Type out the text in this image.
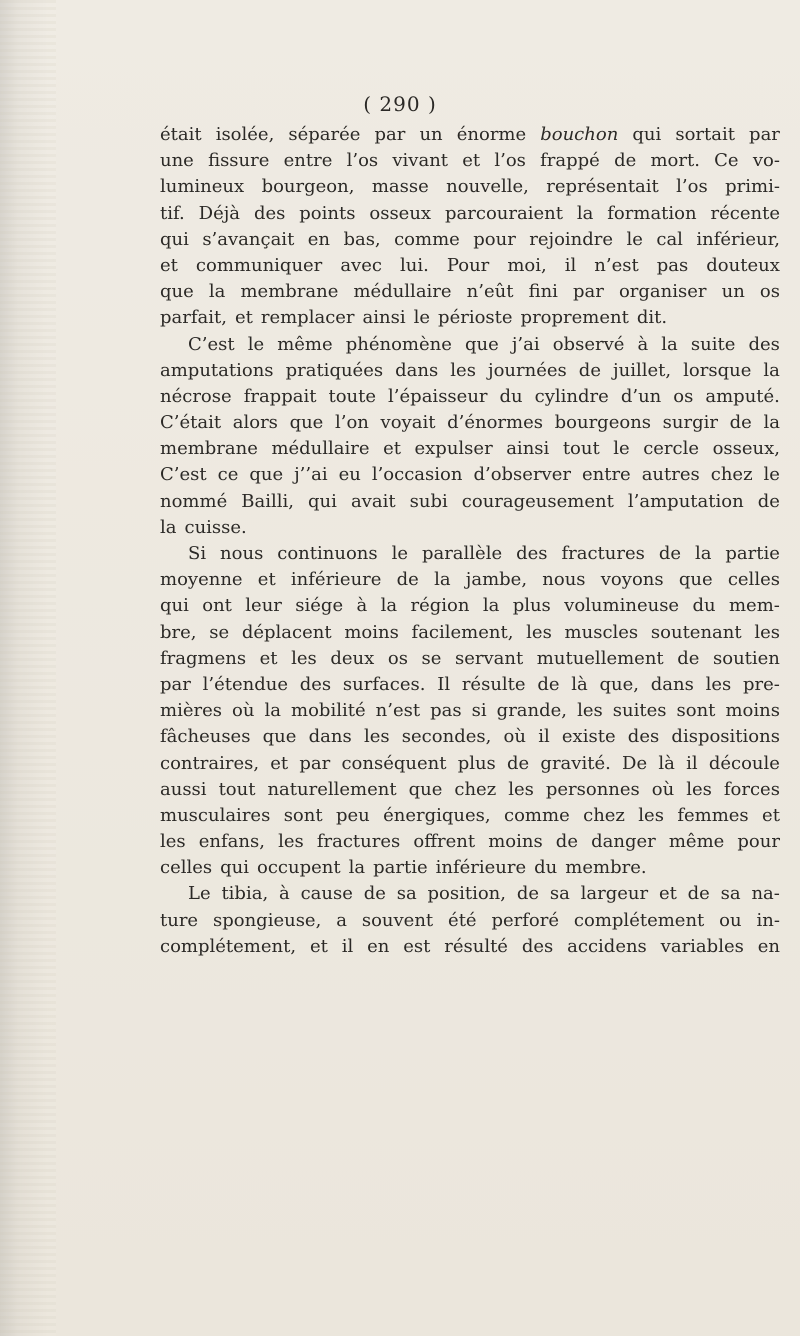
( 290 )
était isolée, séparée par un énorme bouchon qui sortait par
une fissure entre l’os vivant et l’os frappé de mort. Ce vo-
lumineux bourgeon, masse nouvelle, représentait l’os primi-
tif. Déjà des points osseux parcouraient la formation récente
qui s’avançait en bas, comme pour rejoindre le cal inférieur,
et communiquer avec lui. Pour moi, il n’est pas douteux
que la membrane médullaire n’eût fini par organiser un os
parfait, et remplacer ainsi le périoste proprement dit.
C’est le même phénomène que j’ai observé à la suite des
amputations pratiquées dans les journées de juillet, lorsque la
nécrose frappait toute l’épaisseur du cylindre d’un os amputé.
C’était alors que l’on voyait d’énormes bourgeons surgir de la
membrane médullaire et expulser ainsi tout le cercle osseux,
C’est ce que j’’ai eu l’occasion d’observer entre autres chez le
nommé Bailli, qui avait subi courageusement l’amputation de
la cuisse.
Si nous continuons le parallèle des fractures de la partie
moyenne et inférieure de la jambe, nous voyons que celles
qui ont leur siége à la région la plus volumineuse du mem-
bre, se déplacent moins facilement, les muscles soutenant les
fragmens et les deux os se servant mutuellement de soutien
par l’étendue des surfaces. Il résulte de là que, dans les pre-
mières où la mobilité n’est pas si grande, les suites sont moins
fâcheuses que dans les secondes, où il existe des dispositions
contraires, et par conséquent plus de gravité. De là il découle
aussi tout naturellement que chez les personnes où les forces
musculaires sont peu énergiques, comme chez les femmes et
les enfans, les fractures offrent moins de danger même pour
celles qui occupent la partie inférieure du membre.
Le tibia, à cause de sa position, de sa largeur et de sa na-
ture spongieuse, a souvent été perforé complétement ou in-
complétement, et il en est résulté des accidens variables en
